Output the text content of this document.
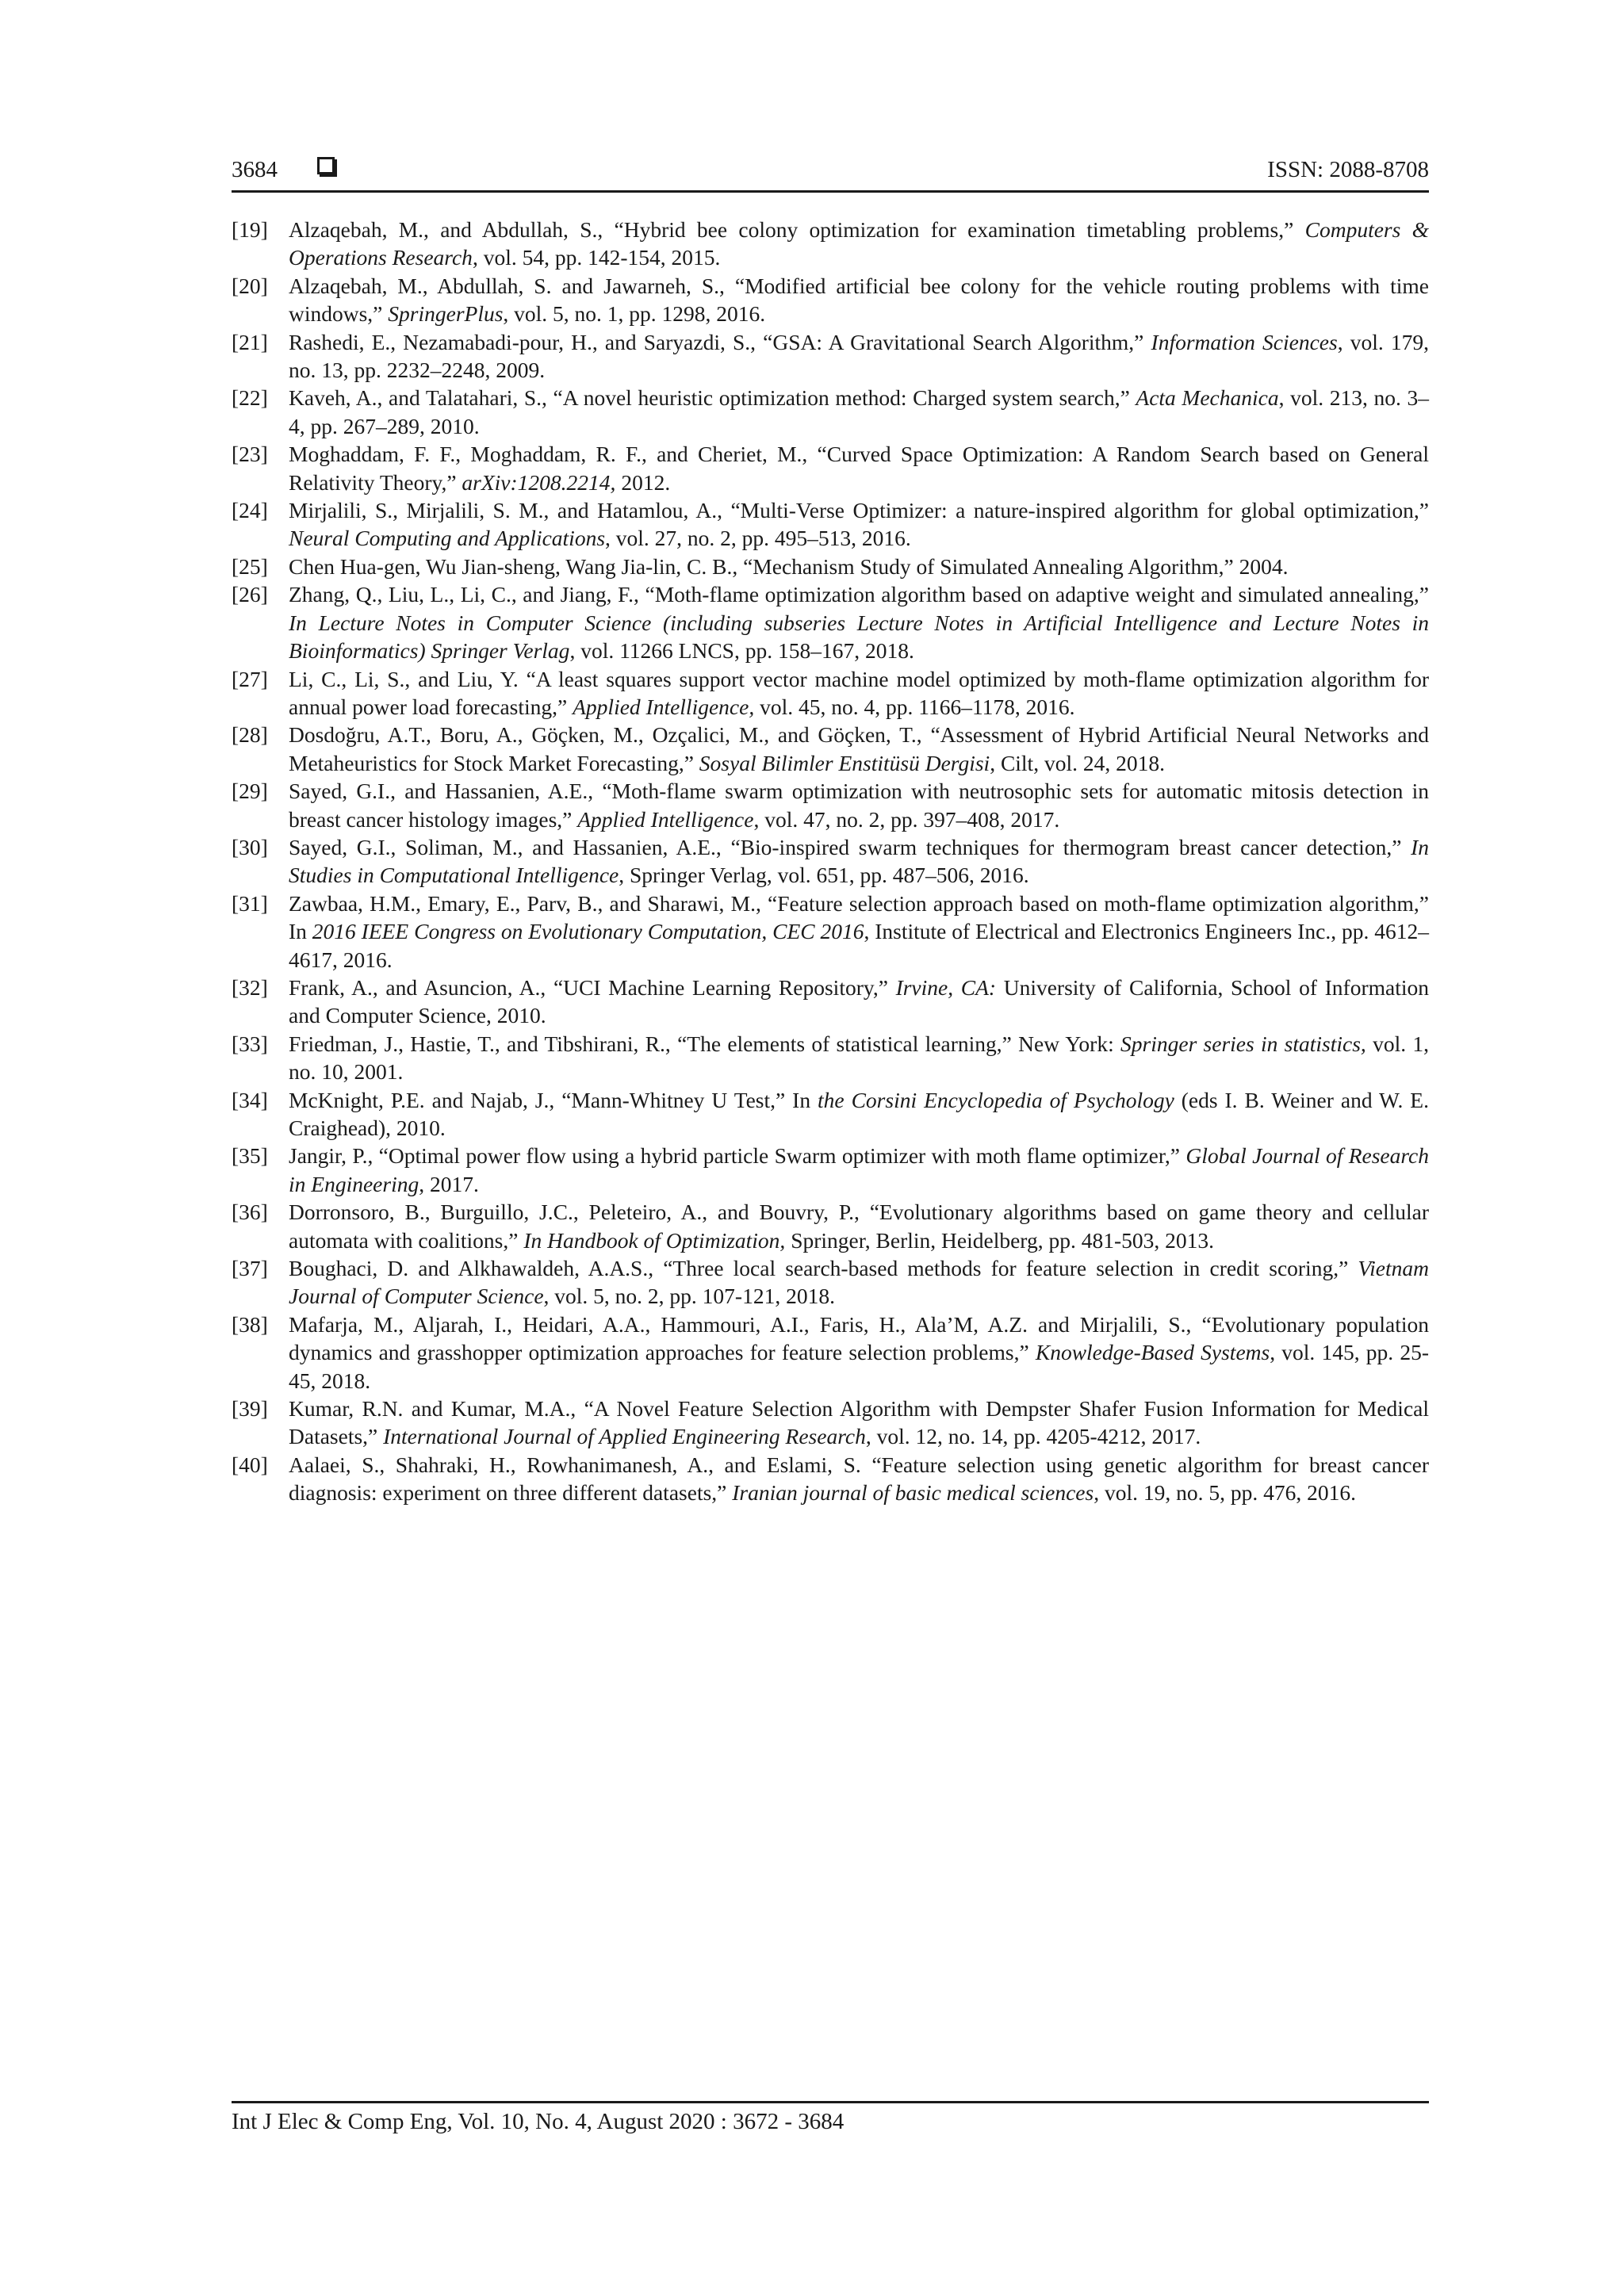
3684	ISSN: 2088-8708
[19] Alzaqebah, M., and Abdullah, S., “Hybrid bee colony optimization for examination timetabling problems,” Computers & Operations Research, vol. 54, pp. 142-154, 2015.
[20] Alzaqebah, M., Abdullah, S. and Jawarneh, S., “Modified artificial bee colony for the vehicle routing problems with time windows,” SpringerPlus, vol. 5, no. 1, pp. 1298, 2016.
[21] Rashedi, E., Nezamabadi-pour, H., and Saryazdi, S., “GSA: A Gravitational Search Algorithm,” Information Sciences, vol. 179, no. 13, pp. 2232–2248, 2009.
[22] Kaveh, A., and Talatahari, S., “A novel heuristic optimization method: Charged system search,” Acta Mechanica, vol. 213, no. 3–4, pp. 267–289, 2010.
[23] Moghaddam, F. F., Moghaddam, R. F., and Cheriet, M., “Curved Space Optimization: A Random Search based on General Relativity Theory,” arXiv:1208.2214, 2012.
[24] Mirjalili, S., Mirjalili, S. M., and Hatamlou, A., “Multi-Verse Optimizer: a nature-inspired algorithm for global optimization,” Neural Computing and Applications, vol. 27, no. 2, pp. 495–513, 2016.
[25] Chen Hua-gen, Wu Jian-sheng, Wang Jia-lin, C. B., “Mechanism Study of Simulated Annealing Algorithm,” 2004.
[26] Zhang, Q., Liu, L., Li, C., and Jiang, F., “Moth-flame optimization algorithm based on adaptive weight and simulated annealing,” In Lecture Notes in Computer Science (including subseries Lecture Notes in Artificial Intelligence and Lecture Notes in Bioinformatics) Springer Verlag, vol. 11266 LNCS, pp. 158–167, 2018.
[27] Li, C., Li, S., and Liu, Y. “A least squares support vector machine model optimized by moth-flame optimization algorithm for annual power load forecasting,” Applied Intelligence, vol. 45, no. 4, pp. 1166–1178, 2016.
[28] Dosdoğru, A.T., Boru, A., Göçken, M., Ozçalici, M., and Göçken, T., “Assessment of Hybrid Artificial Neural Networks and Metaheuristics for Stock Market Forecasting,” Sosyal Bilimler Enstitüsü Dergisi, Cilt, vol. 24, 2018.
[29] Sayed, G.I., and Hassanien, A.E., “Moth-flame swarm optimization with neutrosophic sets for automatic mitosis detection in breast cancer histology images,” Applied Intelligence, vol. 47, no. 2, pp. 397–408, 2017.
[30] Sayed, G.I., Soliman, M., and Hassanien, A.E., “Bio-inspired swarm techniques for thermogram breast cancer detection,” In Studies in Computational Intelligence, Springer Verlag, vol. 651, pp. 487–506, 2016.
[31] Zawbaa, H.M., Emary, E., Parv, B., and Sharawi, M., “Feature selection approach based on moth-flame optimization algorithm,” In 2016 IEEE Congress on Evolutionary Computation, CEC 2016, Institute of Electrical and Electronics Engineers Inc., pp. 4612–4617, 2016.
[32] Frank, A., and Asuncion, A., “UCI Machine Learning Repository,” Irvine, CA: University of California, School of Information and Computer Science, 2010.
[33] Friedman, J., Hastie, T., and Tibshirani, R., “The elements of statistical learning,” New York: Springer series in statistics, vol. 1, no. 10, 2001.
[34] McKnight, P.E. and Najab, J., “Mann-Whitney U Test,” In the Corsini Encyclopedia of Psychology (eds I. B. Weiner and W. E. Craighead), 2010.
[35] Jangir, P., “Optimal power flow using a hybrid particle Swarm optimizer with moth flame optimizer,” Global Journal of Research in Engineering, 2017.
[36] Dorronsoro, B., Burguillo, J.C., Peleteiro, A., and Bouvry, P., “Evolutionary algorithms based on game theory and cellular automata with coalitions,” In Handbook of Optimization, Springer, Berlin, Heidelberg, pp. 481-503, 2013.
[37] Boughaci, D. and Alkhawaldeh, A.A.S., “Three local search-based methods for feature selection in credit scoring,” Vietnam Journal of Computer Science, vol. 5, no. 2, pp. 107-121, 2018.
[38] Mafarja, M., Aljarah, I., Heidari, A.A., Hammouri, A.I., Faris, H., Ala’M, A.Z. and Mirjalili, S., “Evolutionary population dynamics and grasshopper optimization approaches for feature selection problems,” Knowledge-Based Systems, vol. 145, pp. 25-45, 2018.
[39] Kumar, R.N. and Kumar, M.A., “A Novel Feature Selection Algorithm with Dempster Shafer Fusion Information for Medical Datasets,” International Journal of Applied Engineering Research, vol. 12, no. 14, pp. 4205-4212, 2017.
[40] Aalaei, S., Shahraki, H., Rowhanimanesh, A., and Eslami, S. “Feature selection using genetic algorithm for breast cancer diagnosis: experiment on three different datasets,” Iranian journal of basic medical sciences, vol. 19, no. 5, pp. 476, 2016.
Int J Elec & Comp Eng, Vol. 10, No. 4, August 2020 : 3672 - 3684
